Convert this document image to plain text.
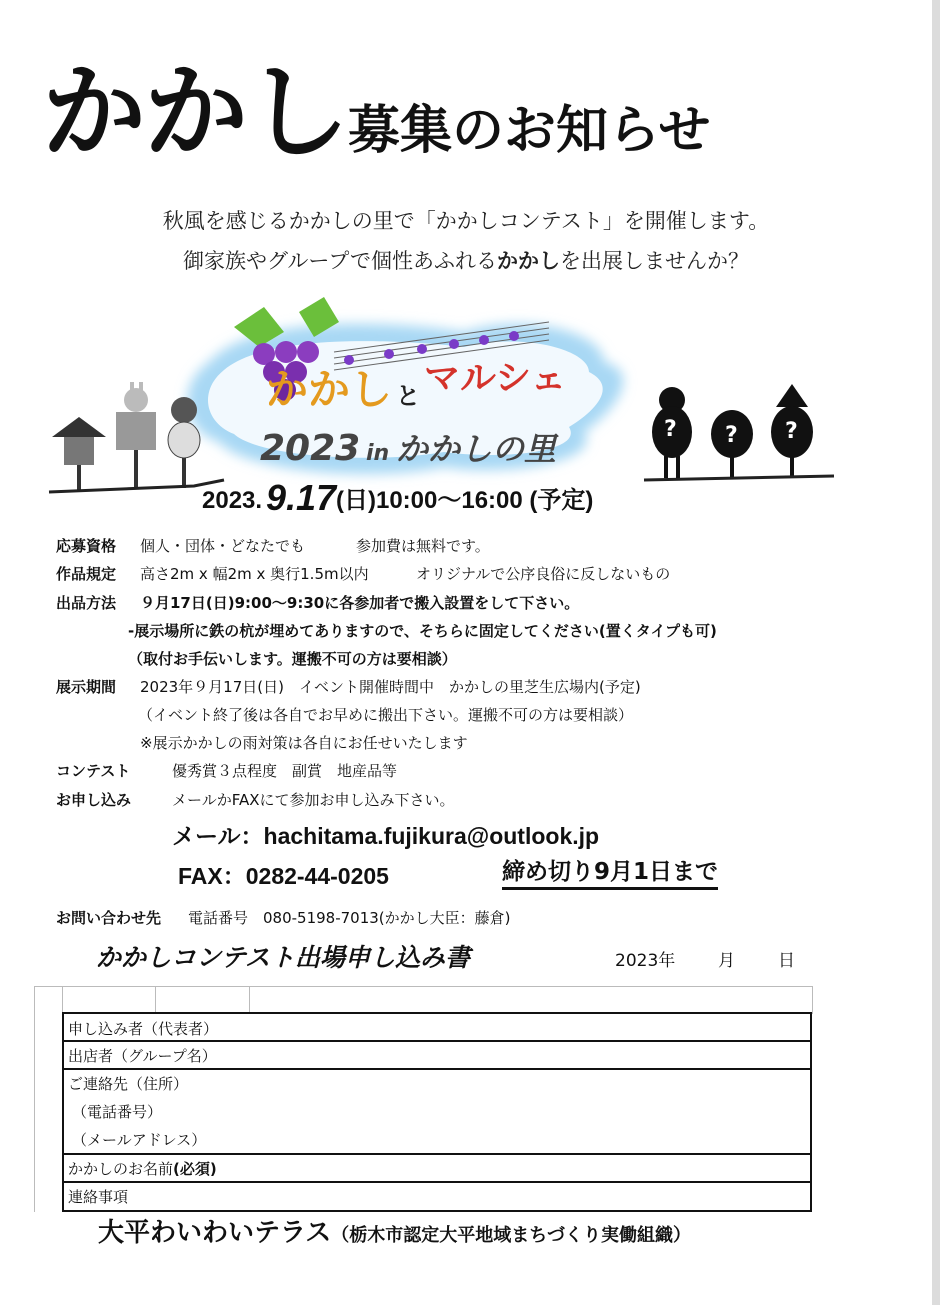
かかし募集のお知らせ
秋風を感じるかかしの里で「かかしコンテスト」を開催します。
御家族やグループで個性あふれるかかしを出展しませんか？
かかし と マルシェ
2023 in かかしの里
? ? ?
2023. 9.17 (日)10:00～16:00 (予定)
応募資格 個人・団体・どなたでも	参加費は無料です。
作品規定 高さ2m x 幅2m x 奥行1.5m以内	オリジナルで公序良俗に反しないもの
出品方法 ９月17日(日)9:00～9:30に各参加者で搬入設置をして下さい。
‐展示場所に鉄の杭が埋めてありますので、そちらに固定してください(置くタイプも可)
（取付お手伝いします。運搬不可の方は要相談）
展示期間 2023年９月17日(日)　イベント開催時間中　かかしの里芝生広場内(予定)
（イベント終了後は各自でお早めに搬出下さい。運搬不可の方は要相談）
※展示かかしの雨対策は各自にお任せいたします
コンテスト	優秀賞３点程度　副賞　地産品等
お申し込み	メールかFAXにて参加お申し込み下さい。
メール：hachitama.fujikura@outlook.jp
FAX：0282-44-0205	締め切り9月1日まで
お問い合わせ先 電話番号　080-5198-7013(かかし大臣：藤倉)
かかしコンテスト出場申し込み書	2023年	月	日
申し込み者（代表者）
出店者（グループ名）
ご連絡先（住所）
（電話番号）
（メールアドレス）
かかしのお名前(必須)
連絡事項
大平わいわいテラス（栃木市認定大平地域まちづくり実働組織）
